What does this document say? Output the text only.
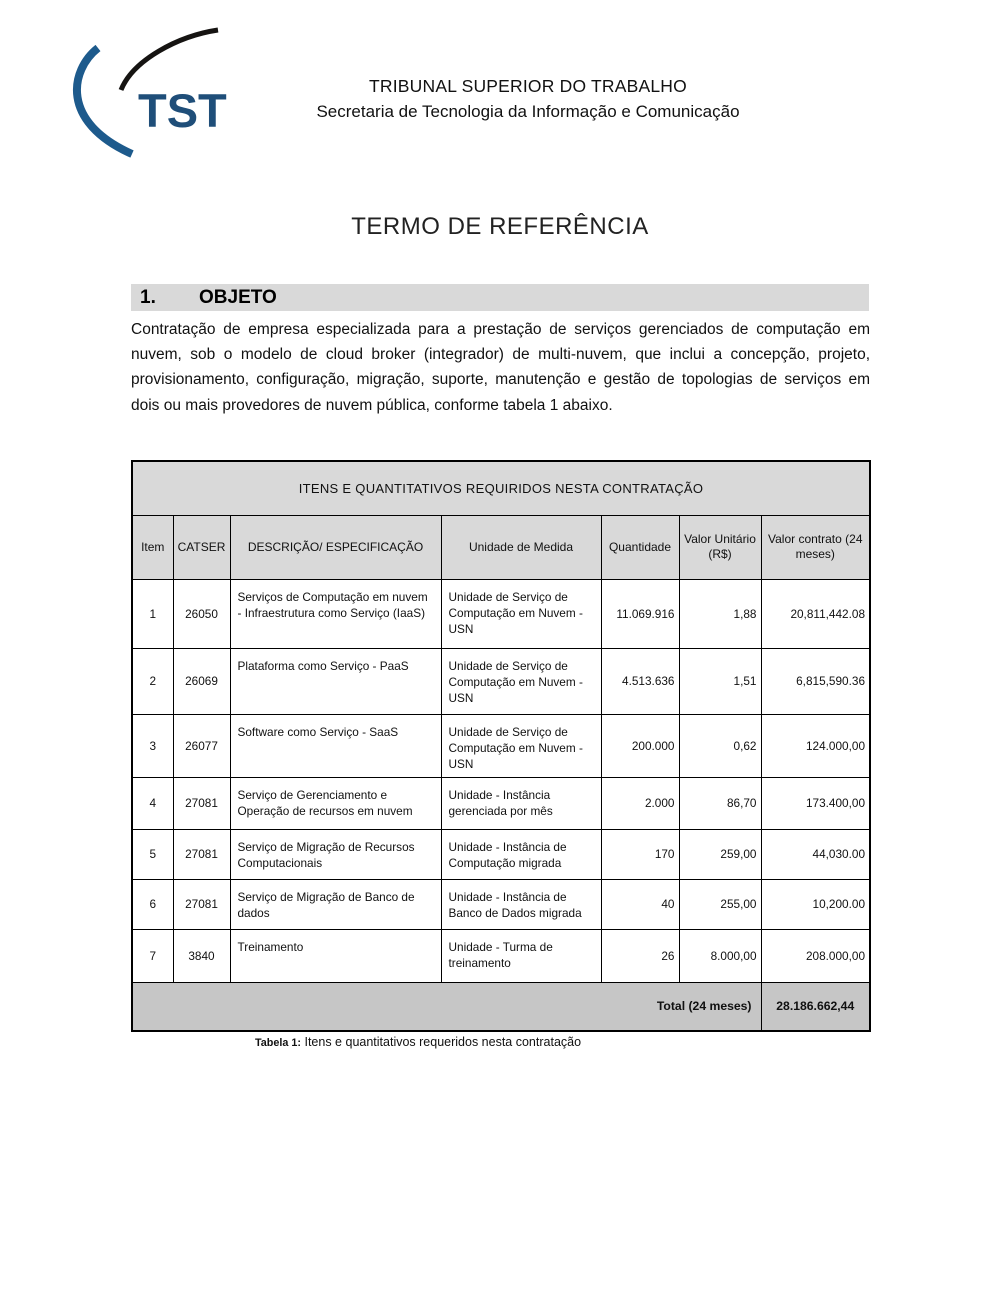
TST	TRIBUNAL SUPERIOR DO TRABALHO
Secretaria de Tecnologia da Informação e Comunicação
TERMO DE REFERÊNCIA
1.	OBJETO
Contratação de empresa especializada para a prestação de serviços gerenciados de computação em nuvem, sob o modelo de cloud broker (integrador) de multi-nuvem, que inclui a concepção, projeto, provisionamento, configuração, migração, suporte, manutenção e gestão de topologias de serviços em dois ou mais provedores de nuvem pública, conforme tabela 1 abaixo.
ITENS E QUANTITATIVOS REQUIRIDOS NESTA CONTRATAÇÃO						
Item	CATSER	DESCRIÇÃO/ ESPECIFICAÇÃO	Unidade de Medida	Quantidade	Valor Unitário (R$)	Valor contrato (24 meses)
1	26050	Serviços de Computação em nuvem - Infraestrutura como Serviço (IaaS)	Unidade de Serviço de Computação em Nuvem - USN	11.069.916	1,88	20,811,442.08
2	26069	Plataforma como Serviço - PaaS	Unidade de Serviço de Computação em Nuvem - USN	4.513.636	1,51	6,815,590.36
3	26077	Software como Serviço - SaaS	Unidade de Serviço de Computação em Nuvem - USN	200.000	0,62	124.000,00
4	27081	Serviço de Gerenciamento e Operação de recursos em nuvem	Unidade - Instância gerenciada por mês	2.000	86,70	173.400,00
5	27081	Serviço de Migração de Recursos Computacionais	Unidade - Instância de Computação migrada	170	259,00	44,030.00
6	27081	Serviço de Migração de Banco de dados	Unidade - Instância de Banco de Dados migrada	40	255,00	10,200.00
7	3840	Treinamento	Unidade - Turma de treinamento	26	8.000,00	208.000,00
Total (24 meses)						28.186.662,44
Tabela 1: Itens e quantitativos requeridos nesta contratação
